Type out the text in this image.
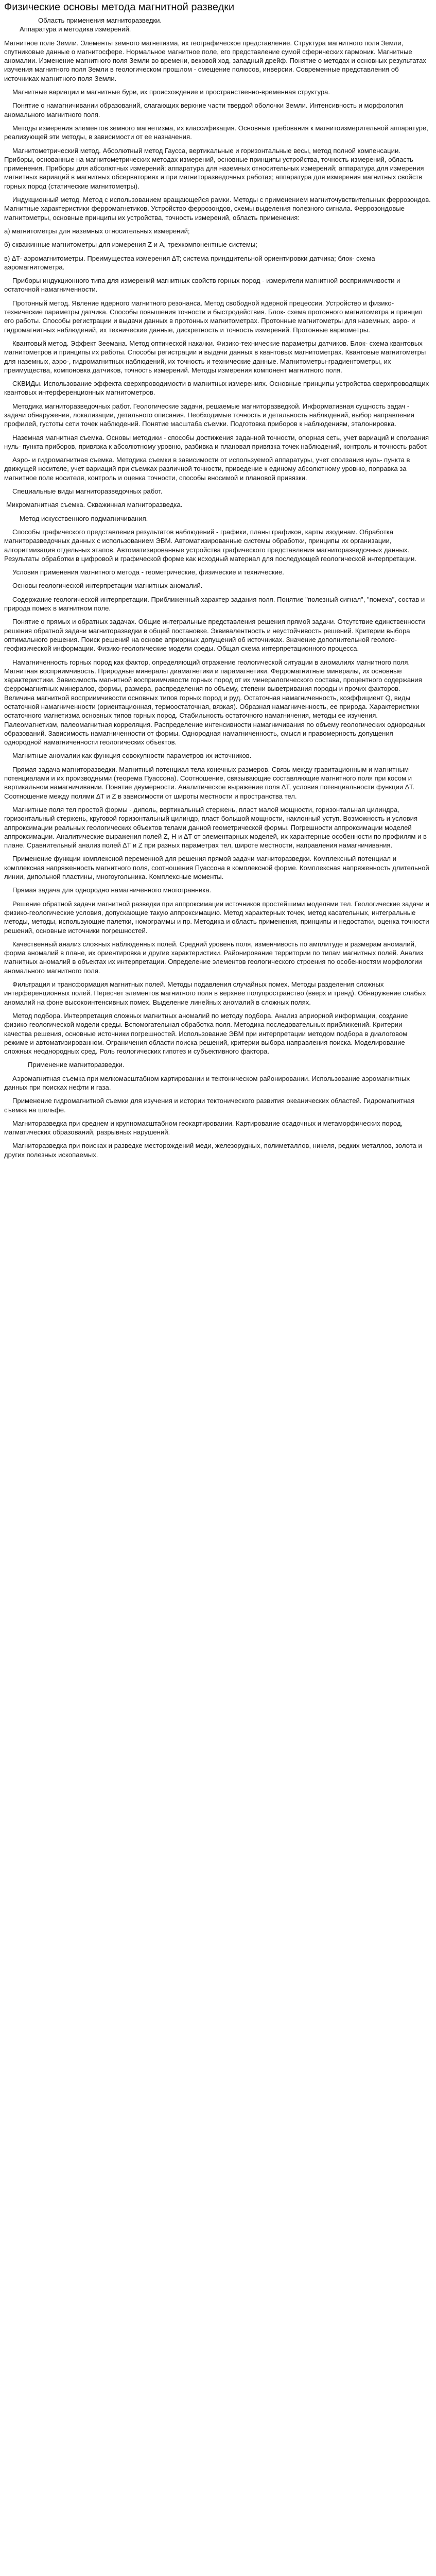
Физические основы метода магнитной разведки

Область применения магниторазведки.

Аппаратура и методика измерений.

Магнитное поле Земли. Элементы земного магнетизма, их географическое представление. Структура магнитного поля Земли, спутниковые данные о магнитосфере. Нормальное магнитное поле, его представление сумой сферических гармоник. Магнитные аномалии. Изменение магнитного поля Земли во времени, вековой ход, западный дрейф. Понятие о методах и основных результатах изучения магнитного поля Земли в геологическом прошлом - смещение полюсов, инверсии. Современные представления об источниках магнитного поля Земли.

Магнитные вариации и магнитные бури, их происхождение и пространственно-временная структура.

Понятие о намагничивании образований, слагающих верхние части твердой оболочки Земли. Интенсивность и морфология аномального магнитного поля.

Методы измерения элементов земного магнетизма, их классификация. Основные требования к магнитоизмерительной аппаратуре, реализующей эти методы, в зависимости от ее назначения.

Магнитометрический метод. Абсолютный метод Гаусса, вертикальные и горизонтальные весы, метод полной компенсации. Приборы, основанные на магнитометрических методах измерений, основные принципы устройства, точность измерений, область применения. Приборы для абсолютных измерений; аппаратура для наземных относительных измерений; аппаратура для измерения магнитных вариаций в магнитных обсерваториях и при магниторазведочных работах; аппаратура для измерения магнитных свойств горных пород (статические магнитометры).

Индукционный метод. Метод с использованием вращающейся рамки. Методы с применением магниточувствительных феррозондов. Магнитные характеристики ферромагнетиков. Устройство феррозондов, схемы выделения полезного сигнала. Феррозондовые магнитометры, основные принципы их устройства, точность измерений, область применения:

а) магнитометры для наземных относительных измерений;

б) скважинные магнитометры для измерения Z и A, трехкомпонентные системы;

в) ∆T- аэромагнитометры. Преимущества измерения ∆T; система приндцительной ориентировки датчика; блок- схема аэромагнитометра.

Приборы индукционного типа для измерений магнитных свойств горных пород - измерители магнитной восприимчивости и остаточной намагниченности.

Протонный метод. Явление ядерного магнитного резонанса. Метод свободной ядерной прецессии. Устройство и физико-технические параметры датчика. Способы повышения точности и быстродействия. Блок- схема протонного магнитометра и принцип его работы. Способы регистрации и выдачи данных в протонных магнитометрах. Протонные магнитометры для наземных, аэро- и гидромагнитных наблюдений, их технические данные, дискретность и точность измерений. Протонные вариометры.

Квантовый метод. Эффект Зеемана. Метод оптической накачки. Физико-технические параметры датчиков. Блок- схема квантовых магнитометров и принципы их работы. Способы регистрации и выдачи данных в квантовых магнитометрах. Квантовые магнитометры для наземных, аэро-, гидромагнитных наблюдений, их точность и технические данные. Магнитометры-градиентометры, их преимущества, компоновка датчиков, точность измерений. Методы измерения компонент магнитного поля.

СКВИДы. Использование эффекта сверхпроводимости в магнитных измерениях. Основные принципы устройства сверхпроводящих квантовых интерференционных магнитометров.

Методика магниторазведочных работ. Геологические задачи, решаемые магниторазведкой. Информативная сущность задач - задачи обнаружения, локализации, детального описания. Необходимые точность и детальность наблюдений, выбор направления профилей, густоты сети точек наблюдений. Понятие масштаба съемки. Подготовка приборов к наблюдениям, эталонировка.

Наземная магнитная съемка. Основы методики - способы достижения заданной точности, опорная сеть, учет вариаций и сползания нуль- пункта приборов, привязка к абсолютному уровню, разбивка и плановая привязка точек наблюдений, контроль и точность работ.

Аэро- и гидромагнитная съемка. Методика съемки в зависимости от используемой аппаратуры, учет сползания нуль- пункта в движущей носителе, учет вариаций при съемках различной точности, приведение к единому абсолютному уровню, поправка за магнитное поле носителя, контроль и оценка точности, способы вносимой и плановой привязки.

Специальные виды магниторазведочных работ.

Микромагнитная съемка. Скважинная магниторазведка.

Метод искусственного подмагничивания.

Способы графического представления результатов наблюдений - графики, планы графиков, карты изодинам. Обработка магниторазведочных данных с использованием ЭВМ. Автоматизированные системы обработки, принципы их организации, алгоритмизация отдельных этапов. Автоматизированные устройства графического представления магниторазведочных данных. Результаты обработки в цифровой и графической форме как исходный материал для последующей геологической интерпретации.

Условия применения магнитного метода - геометрические, физические и технические.

Основы геологической интерпретации магнитных аномалий.

Содержание геологической интерпретации. Приближенный характер задания поля. Понятие "полезный сигнал", "помеха", состав и природа помех в магнитном поле.

Понятие о прямых и обратных задачах. Общие интегральные представления решения прямой задачи. Отсутствие единственности решения обратной задачи магниторазведки в общей постановке. Эквивалентность и неустойчивость решений. Критерии выбора оптимального решения. Поиск решений на основе априорных допущений об источниках. Значение дополнительной геолого-геофизической информации. Физико-геологические модели среды. Общая схема интерпретационного процесса.

Намагниченность горных пород как фактор, определяющий отражение геологической ситуации в аномалиях магнитного поля. Магнитная восприимчивость. Природные минералы диамагнетики и парамагнетики. Ферромагнитные минералы, их основные характеристики. Зависимость магнитной восприимчивости горных пород от их минералогического состава, процентного содержания ферромагнитных минералов, формы, размера, распределения по объему, степени выветривания породы и прочих факторов. Величина магнитной восприимчивости основных типов горных пород и руд. Остаточная намагниченность, коэффициент Q, виды остаточной намагниченности (ориентационная, термоостаточная, вязкая). Образная намагниченность, ее природа. Характеристики остаточного магнетизма основных типов горных пород. Стабильность остаточного намагничения, методы ее изучения. Палеомагнетизм, палеомагнитная корреляция. Распределение интенсивности намагничивания по объему геологических однородных образований. Зависимость намагниченности от формы. Однородная намагниченность, смысл и правомерность допущения однородной намагниченности геологических объектов.

Магнитные аномалии как функция совокупности параметров их источников.

Прямая задача магниторазведки. Магнитный потенциал тела конечных размеров. Связь между гравитационным и магнитным потенциалами и их производными (теорема Пуассона). Соотношение, связывающие составляющие магнитного поля при косом и вертикальном намагничивании. Понятие двумерности. Аналитическое выражение поля ∆T, условия потенциальности функции ∆T. Соотношение между полями ∆T и Z в зависимости от широты местности и пространства тел.

Магнитные поля тел простой формы - диполь, вертикальный стержень, пласт малой мощности, горизонтальная цилиндра, горизонтальный стержень, круговой горизонтальный цилиндр, пласт большой мощности, наклонный уступ. Возможность и условия аппроксимации реальных геологических объектов телами данной геометрической формы. Погрешности аппроксимации моделей аппроксимации. Аналитические выражения полей Z, H и ∆T от элементарных моделей, их характерные особенности по профилям и в плане. Сравнительный анализ полей ∆T и Z при разных параметрах тел, широте местности, направления намагничивания.

Применение функции комплексной переменной для решения прямой задачи магниторазведки. Комплексный потенциал и комплексная напряженность магнитного поля, соотношения Пуассона в комплексной форме. Комплексная напряженность длительной линии, дипольной пластины, многоугольника. Комплексные моменты.

Прямая задача для однородно намагниченного многогранника.

Решение обратной задачи магнитной разведки при аппроксимации источников простейшими моделями тел. Геологические задачи и физико-геологические условия, допускающие такую аппроксимацию. Метод характерных точек, метод касательных, интегральные методы, методы, использующие палетки, номограммы и пр. Методика и область применения, принципы и недостатки, оценка точности решений, основные источники погрешностей.

Качественный анализ сложных наблюденных полей. Средний уровень поля, изменчивость по амплитуде и размерам аномалий, форма аномалий в плане, их ориентировка и другие характеристики. Районирование территории по типам магнитных полей. Анализ магнитных аномалий в объектах их интерпретации. Определение элементов геологического строения по особенностям морфологии аномального магнитного поля.

Фильтрация и трансформация магнитных полей. Методы подавления случайных помех. Методы разделения сложных интерференционных полей. Пересчет элементов магнитного поля в верхнее полупространство (вверх и тренд). Обнаружение слабых аномалий на фоне высокоинтенсивных помех. Выделение линейных аномалий в сложных полях.

Метод подбора. Интерпретация сложных магнитных аномалий по методу подбора. Анализ априорной информации, создание физико-геологической модели среды. Вспомогательная обработка поля. Методика последовательных приближений. Критерии качества решения, основные источники погрешностей. Использование ЭВМ при интерпретации методом подбора в диалоговом режиме и автоматизированном. Ограничения области поиска решений, критерии выбора направления поиска. Моделирование сложных неоднородных сред. Роль геологических гипотез и субъективного фактора.

Применение магниторазведки.

Аэромагнитная съемка при мелкомасштабном картировании и тектоническом районировании. Использование аэромагнитных данных при поисках нефти и газа.

Применение гидромагнитной съемки для изучения и истории тектонического развития океанических областей. Гидромагнитная съемка на шельфе.

Магниторазведка при среднем и крупномасштабном геокартировании. Картирование осадочных и метаморфических пород, магматических образований, разрывных нарушений.

Магниторазведка при поисках и разведке месторождений меди, железорудных, полиметаллов, никеля, редких металлов, золота и других полезных ископаемых.
